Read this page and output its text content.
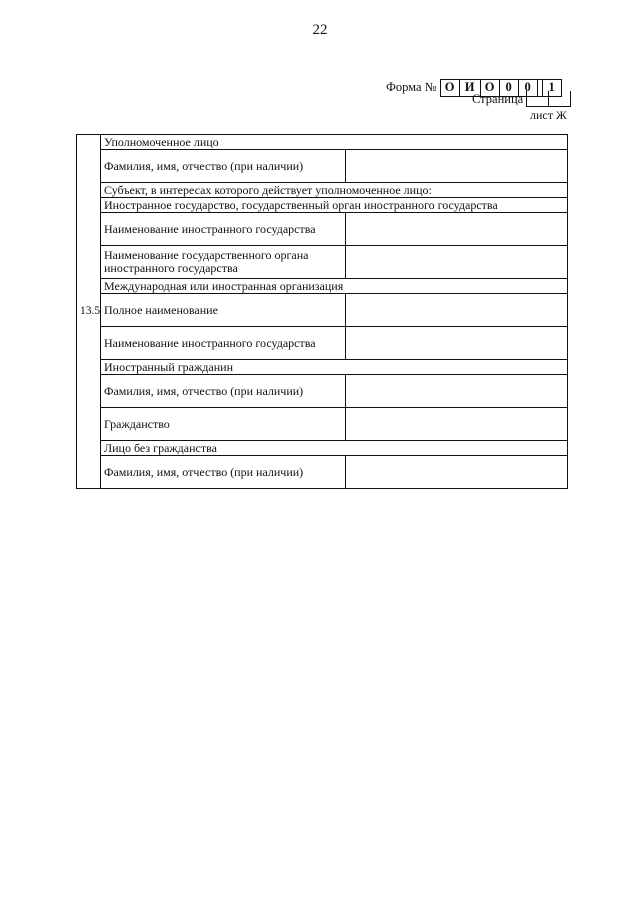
22
Форма № О И О 0	0	1
Страница
лист Ж
13.5	Уполномоченное лицо	
	Фамилия, имя, отчество (при наличии)	
	Субъект, в интересах которого действует уполномоченное лицо:	
	Иностранное государство, государственный орган иностранного государства	
	Наименование иностранного государства	
	Наименование государственного органа иностранного государства	
	Международная или иностранная организация	
	Полное наименование	
	Наименование иностранного государства	
	Иностранный гражданин	
	Фамилия, имя, отчество (при наличии)	
	Гражданство	
	Лицо без гражданства	
	Фамилия, имя, отчество (при наличии)	
